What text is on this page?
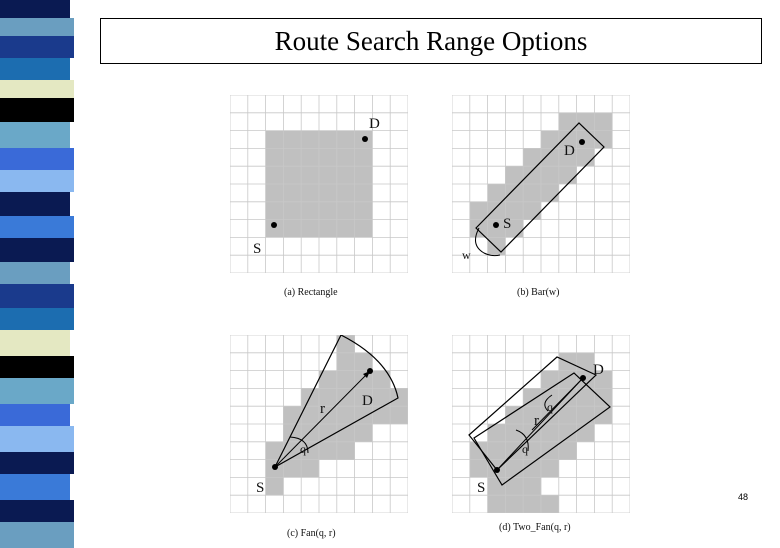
Route Search Range Options
S
D
(a) Rectangle
S
D
w
(b) Bar(w)
S
D
r
q
(c) Fan(q, r)
S
D
r
q
q
(d) Two_Fan(q, r)
48
